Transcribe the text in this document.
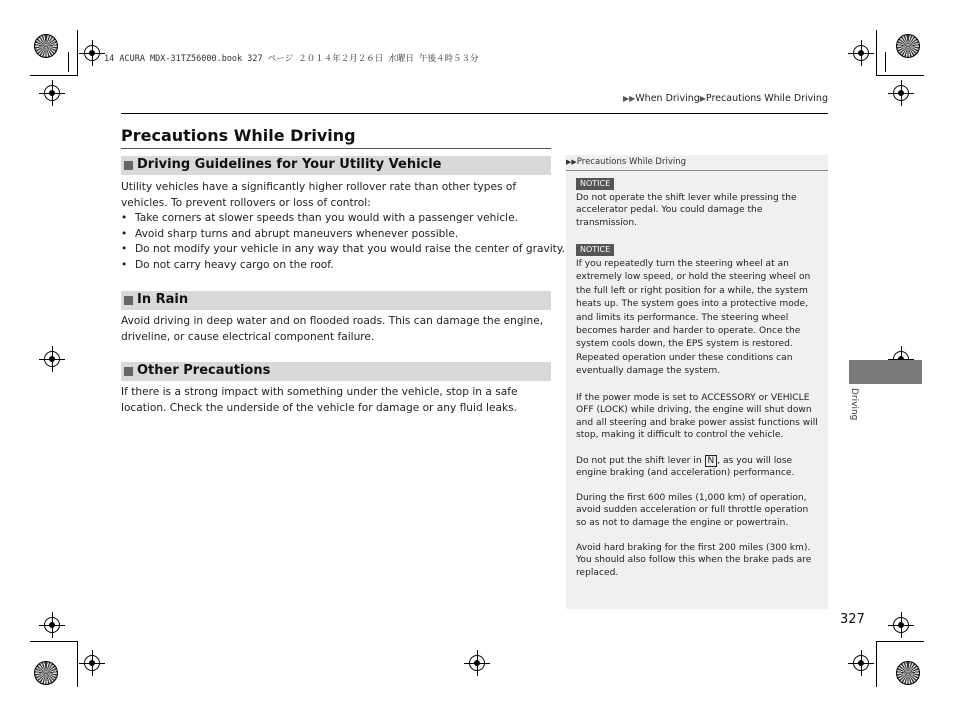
14 ACURA MDX-31TZ56000.book 327 ページ ２０１４年２月２６日 水曜日 午後４時５３分
▶▶When Driving▶Precautions While Driving
Precautions While Driving
Driving Guidelines for Your Utility Vehicle

Utility vehicles have a significantly higher rollover rate than other types of vehicles. To prevent rollovers or loss of control:

• Take corners at slower speeds than you would with a passenger vehicle.
• Avoid sharp turns and abrupt maneuvers whenever possible.
• Do not modify your vehicle in any way that you would raise the center of gravity.
• Do not carry heavy cargo on the roof.
In Rain

Avoid driving in deep water and on flooded roads. This can damage the engine, driveline, or cause electrical component failure.

Other Precautions

If there is a strong impact with something under the vehicle, stop in a safe location. Check the underside of the vehicle for damage or any fluid leaks.

▶▶Precautions While Driving
NOTICE

Do not operate the shift lever while pressing the accelerator pedal. You could damage the transmission.

NOTICE

If you repeatedly turn the steering wheel at an extremely low speed, or hold the steering wheel on the full left or right position for a while, the system heats up. The system goes into a protective mode, and limits its performance. The steering wheel becomes harder and harder to operate. Once the system cools down, the EPS system is restored. Repeated operation under these conditions can eventually damage the system.

If the power mode is set to ACCESSORY or VEHICLE OFF (LOCK) while driving, the engine will shut down and all steering and brake power assist functions will stop, making it difficult to control the vehicle.

Do not put the shift lever in N , as you will lose engine braking (and acceleration) performance.

During the first 600 miles (1,000 km) of operation, avoid sudden acceleration or full throttle operation so as not to damage the engine or powertrain.

Avoid hard braking for the first 200 miles (300 km). You should also follow this when the brake pads are replaced.

Driving
327
